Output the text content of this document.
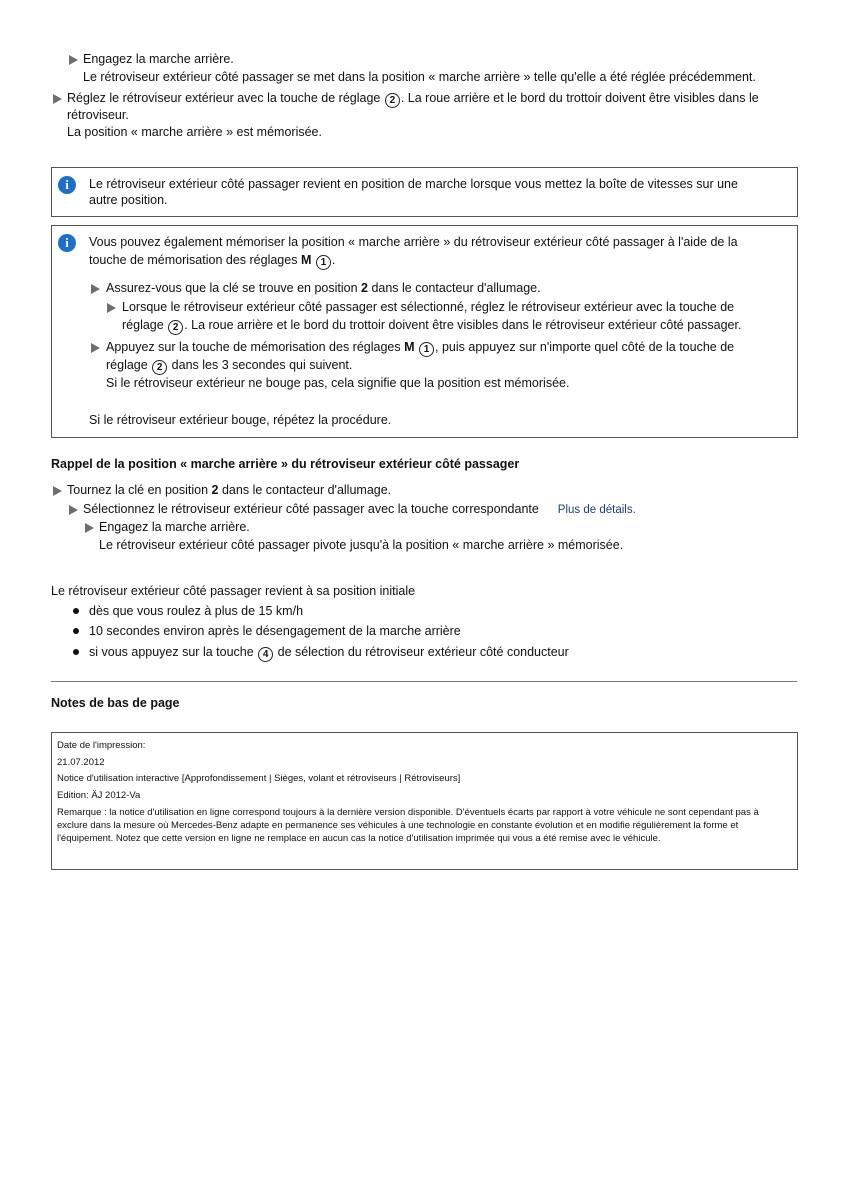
Engagez la marche arrière.
Le rétroviseur extérieur côté passager se met dans la position « marche arrière » telle qu'elle a été réglée précédemment.
Réglez le rétroviseur extérieur avec la touche de réglage 2 . La roue arrière et le bord du trottoir doivent être visibles dans le
rétroviseur.
La position « marche arrière » est mémorisée.
i	Le rétroviseur extérieur côté passager revient en position de marche lorsque vous mettez la boîte de vitesses sur une
autre position.
i	Vous pouvez également mémoriser la position « marche arrière » du rétroviseur extérieur côté passager à l'aide de la
touche de mémorisation des réglages M 1 .
Assurez-vous que la clé se trouve en position 2 dans le contacteur d'allumage.
Lorsque le rétroviseur extérieur côté passager est sélectionné, réglez le rétroviseur extérieur avec la touche de
réglage 2 . La roue arrière et le bord du trottoir doivent être visibles dans le rétroviseur extérieur côté passager.
Appuyez sur la touche de mémorisation des réglages M 1 , puis appuyez sur n'importe quel côté de la touche de
réglage 2 dans les 3 secondes qui suivent.
Si le rétroviseur extérieur ne bouge pas, cela signifie que la position est mémorisée.
Si le rétroviseur extérieur bouge, répétez la procédure.
Rappel de la position « marche arrière » du rétroviseur extérieur côté passager
Tournez la clé en position 2 dans le contacteur d'allumage.
Sélectionnez le rétroviseur extérieur côté passager avec la touche correspondante Plus de détails.
Engagez la marche arrière.
Le rétroviseur extérieur côté passager pivote jusqu'à la position « marche arrière » mémorisée.
Le rétroviseur extérieur côté passager revient à sa position initiale
dès que vous roulez à plus de 15 km/h
10 secondes environ après le désengagement de la marche arrière
si vous appuyez sur la touche 4 de sélection du rétroviseur extérieur côté conducteur
Notes de bas de page
Date de l'impression:
21.07.2012
Notice d'utilisation interactive [Approfondissement | Sièges, volant et rétroviseurs | Rétroviseurs]
Edition: ÄJ 2012-Va
Remarque : la notice d'utilisation en ligne correspond toujours à la dernière version disponible. D'éventuels écarts par rapport à votre véhicule ne sont cependant pas à exclure dans la mesure où Mercedes-Benz adapte en permanence ses véhicules à une technologie en constante évolution et en modifie régulièrement la forme et l'équipement. Notez que cette version en ligne ne remplace en aucun cas la notice d'utilisation imprimée qui vous a été remise avec le véhicule.
